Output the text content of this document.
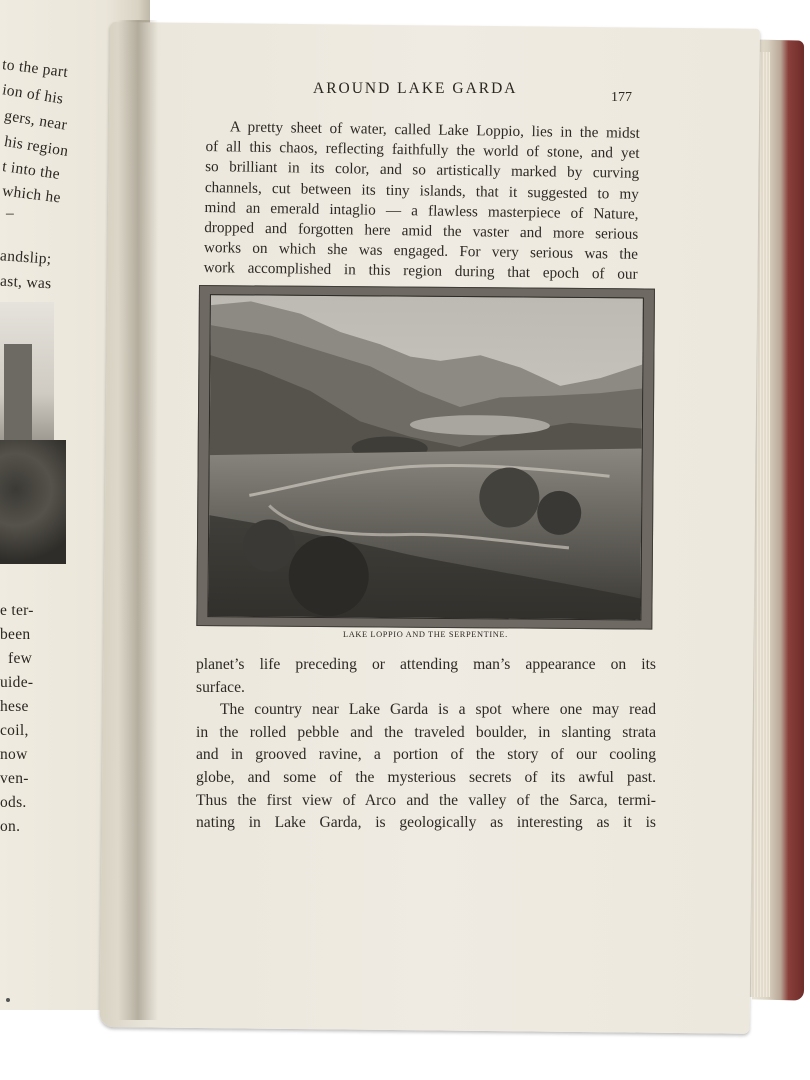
to the part
ion of his
gers, near
his region
t into the
which he
–
andslip;
ast, was
e ter-
been
few
uide-
hese
coil,
now
ven-
ods.
on.
AROUND LAKE GARDA
177
A pretty sheet of water, called Lake Loppio, lies in the midst
of all this chaos, reflecting faithfully the world of stone, and yet
so brilliant in its color, and so artistically marked by curving
channels, cut between its tiny islands, that it suggested to my
mind an emerald intaglio — a flawless masterpiece of Nature,
dropped and forgotten here amid the vaster and more serious
works on which she was engaged. For very serious was the
work accomplished in this region during that epoch of our
LAKE LOPPIO AND THE SERPENTINE.
planet’s life preceding or attending man’s appearance on its
surface.
The country near Lake Garda is a spot where one may read
in the rolled pebble and the traveled boulder, in slanting strata
and in grooved ravine, a portion of the story of our cooling
globe, and some of the mysterious secrets of its awful past.
Thus the first view of Arco and the valley of the Sarca, termi-
nating in Lake Garda, is geologically as interesting as it is
